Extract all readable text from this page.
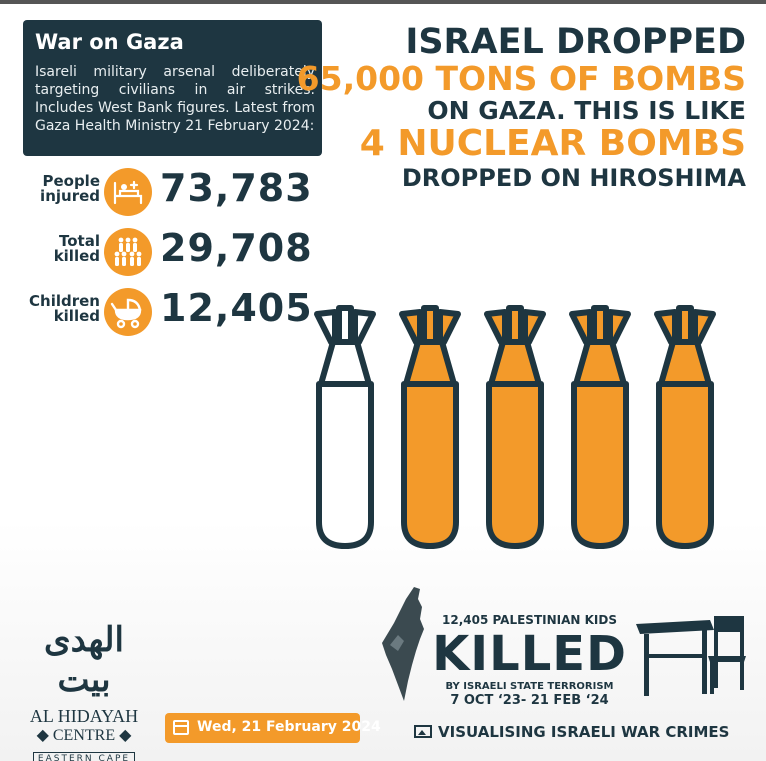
War on Gaza
Isareli military arsenal deliberately targeting civilians in air strikes. Includes West Bank figures. Latest from Gaza Health Ministry 21 February 2024:
People
injured 73,783
Total
killed 29,708
Children
killed 12,405
ISRAEL DROPPED
65,000 TONS OF BOMBS
ON GAZA. THIS IS LIKE
4 NUCLEAR BOMBS
DROPPED ON HIROSHIMA
الهدى بيت
AL HIDAYAH
◆ CENTRE ◆
EASTERN CAPE
Wed, 21 February 2024
12,405 PALESTINIAN KIDS
KILLED
BY ISRAELI STATE TERRORISM
7 OCT ‘23- 21 FEB ‘24
VISUALISING ISRAELI WAR CRIMES
